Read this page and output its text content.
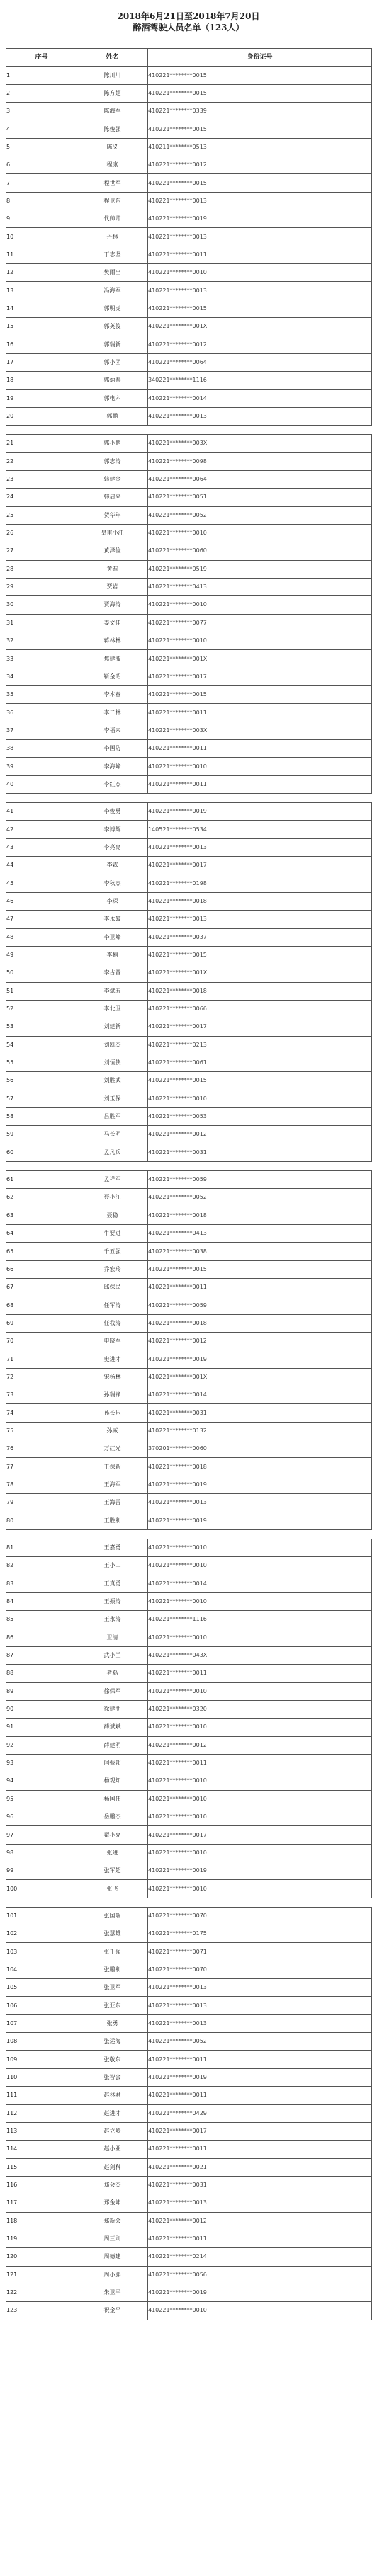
2018年6月21日至2018年7月20日
醉酒驾驶人员名单（123人）
序号	姓名	身份证号
1	陈川川	410221********0015
2	陈方超	410221********0015
3	陈海军	410221********0339
4	陈俊强	410221********0015
5	陈义	410211********0513
6	程康	410221********0012
7	程世军	410221********0015
8	程卫东	410221********0013
9	代帅帅	410221********0019
10	丹林	410221********0013
11	丁志坚	410221********0011
12	樊雨出	410221********0010
13	冯海军	410221********0013
14	郭明虎	410221********0015
15	郭英俊	410221********001X
16	郭瑞新	410221********0012
17	郭小团	410221********0064
18	郭炳春	340221********1116
19	郭电六	410221********0014
20	郭鹏	410221********0013

21	郭小鹏	410221********003X
22	郭志涛	410221********0098
23	韩建金	410221********0064
24	韩启来	410221********0051
25	贺华年	410221********0052
26	皇甫小江	410221********0010
27	黄泽俭	410221********0060
28	黄恭	410221********0519
29	贾岩	410221********0413
30	贾海涛	410221********0010
31	姜文佳	410221********0077
32	蒋林林	410221********0010
33	焦建波	410221********001X
34	靳金昭	410221********0017
35	李本春	410221********0015
36	李二林	410221********0011
37	李福来	410221********003X
38	李国防	410221********0011
39	李海峰	410221********0010
40	李红杰	410221********0011

41	李俊勇	410221********0019
42	李博辉	140521********0534
43	李亮亮	410221********0013
44	李霖	410221********0017
45	李秋杰	410221********0198
46	李琛	410221********0018
47	李永鼓	410221********0013
48	李卫峰	410221********0037
49	李楠	410221********0015
50	李占晋	410221********001X
51	李斌五	410221********0018
52	李北卫	410221********0066
53	刘建新	410221********0017
54	刘凯杰	410221********0213
55	刘恒侠	410221********0061
56	刘胜武	410221********0015
57	刘玉保	410221********0010
58	吕胜军	410221********0053
59	马长明	410221********0012
60	孟凡兵	410221********0031

61	孟祥军	410221********0059
62	聂小江	410221********0052
63	聂稳	410221********0018
64	牛要进	410221********0413
65	千五强	410221********0038
66	乔宏玲	410221********0015
67	邱保民	410221********0011
68	任军涛	410221********0059
69	任我涛	410221********0018
70	申晓军	410221********0012
71	史进才	410221********0019
72	宋杨林	410221********001X
73	孙瑞锋	410221********0014
74	孙长乐	410221********0031
75	孙威	410221********0132
76	万红光	370201********0060
77	王保新	410221********0018
78	王海军	410221********0019
79	王海雷	410221********0013
80	王胜利	410221********0019

81	王嘉勇	410221********0010
82	王小二	410221********0010
83	王真勇	410221********0014
84	王振涛	410221********0010
85	王永涛	410221********1116
86	卫清	410221********0010
87	武小兰	410221********043X
88	者磊	410221********0011
89	徐保军	410221********0010
90	徐建朋	410221********0320
91	薛斌斌	410221********0010
92	薛建明	410221********0012
93	闫振邦	410221********0011
94	杨观知	410221********0010
95	杨国伟	410221********0010
96	岳鹏杰	410221********0010
97	翟小亮	410221********0017
98	张进	410221********0010
99	张军超	410221********0019
100	张飞	410221********0010

101	张国瑞	410221********0070
102	张慧雄	410221********0175
103	张千强	410221********0071
104	张鹏利	410221********0070
105	张卫军	410221********0013
106	张亚东	410221********0013
107	张勇	410221********0013
108	张运海	410221********0052
109	张敬东	410221********0011
110	张智会	410221********0019
111	赵林君	410221********0011
112	赵进才	410221********0429
113	赵立岭	410221********0017
114	赵小亚	410221********0011
115	赵剑科	410221********0021
116	郑会杰	410221********0031
117	郑金坤	410221********0013
118	郑新会	410221********0012
119	周三则	410221********0011
120	周德建	410221********0214
121	周小胖	410221********0056
122	朱卫平	410221********0019
123	祝金平	410221********0010
